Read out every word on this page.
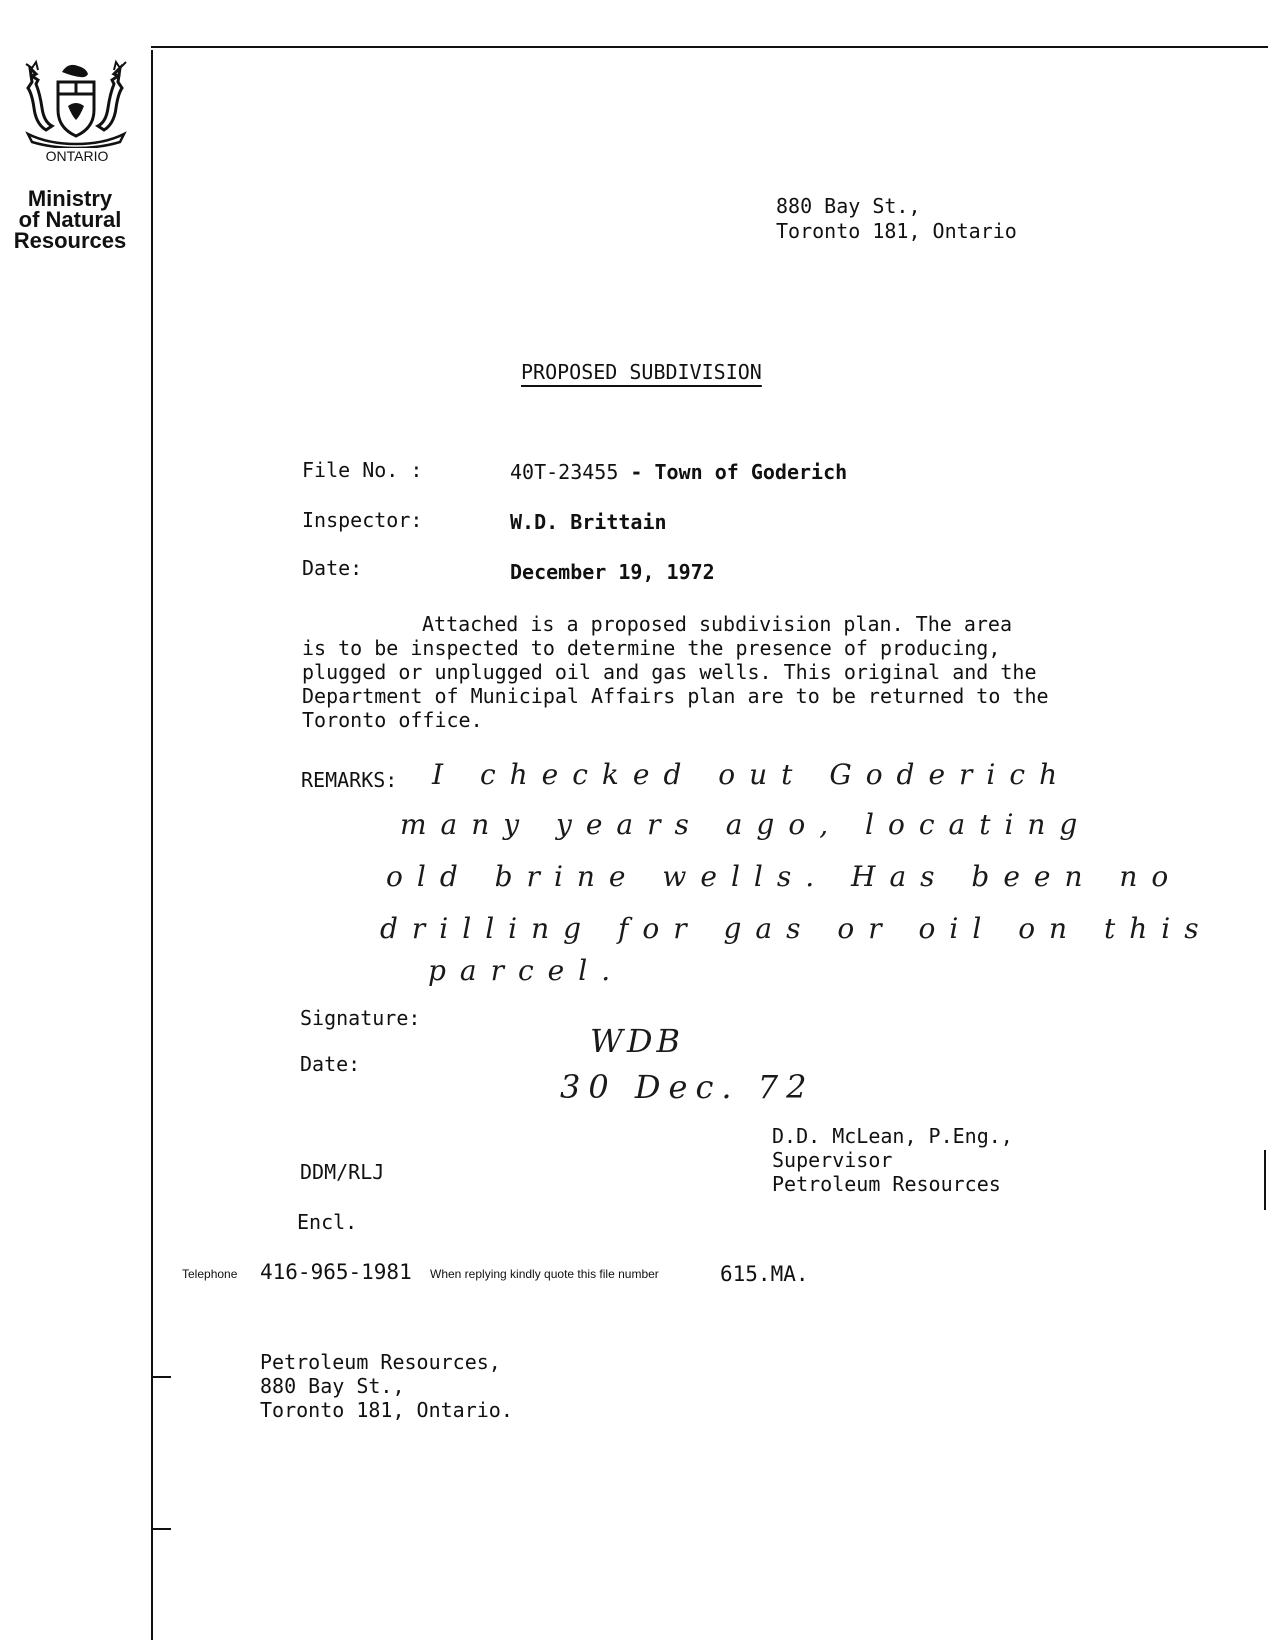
ONTARIO
Ministry
of Natural
Resources
880 Bay St.,
Toronto 181, Ontario
PROPOSED SUBDIVISION
File No. :	40T-23455 - Town of Goderich
Inspector:	W.D. Brittain
Date:	December 19, 1972
Attached is a proposed subdivision plan. The area
is to be inspected to determine the presence of producing,
plugged or unplugged oil and gas wells. This original and the
Department of Municipal Affairs plan are to be returned to the
Toronto office.
REMARKS: I checked out Goderich
many years ago, locating
old brine wells. Has been no
drilling for gas or oil on this
parcel.
Signature:
WDB
Date:
30 Dec. 72
D.D. McLean, P.Eng.,
Supervisor
Petroleum Resources
DDM/RLJ
Encl.
Telephone 416-965-1981 When replying kindly quote this file number	615.MA.
Petroleum Resources,
880 Bay St.,
Toronto 181, Ontario.
